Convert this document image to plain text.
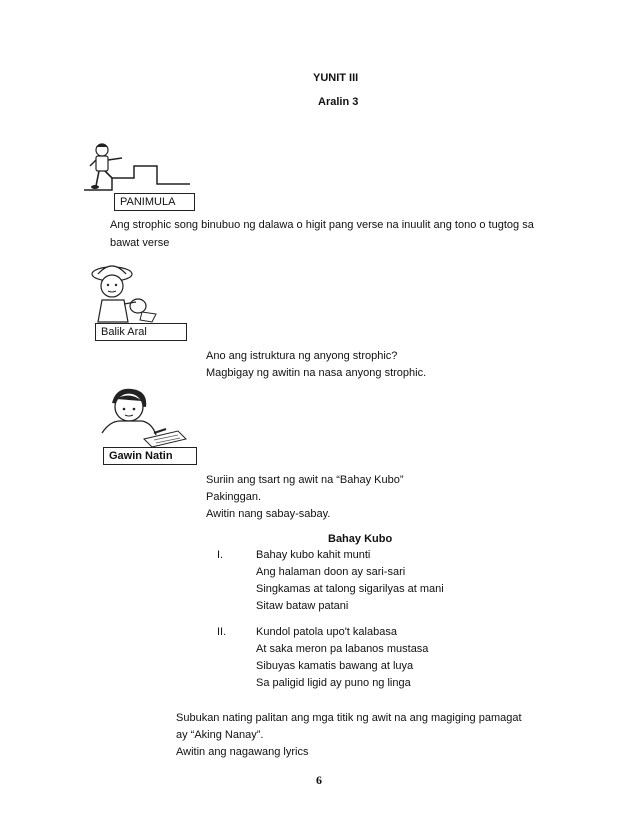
YUNIT III
Aralin 3
PANIMULA
Ang strophic song binubuo ng dalawa o higit pang verse na inuulit ang tono o tugtog sa
bawat verse
Balik Aral
Ano ang istruktura ng anyong strophic?
Magbigay ng awitin na nasa anyong strophic.
Gawin Natin
Suriin ang tsart ng awit na “Bahay Kubo”
Pakinggan.
Awitin nang sabay-sabay.
Bahay Kubo
I.	Bahay kubo kahit munti
Ang halaman doon ay sari-sari
Singkamas at talong sigarilyas at mani
Sitaw bataw patani
II.	Kundol patola upo't kalabasa
At saka meron pa labanos mustasa
Sibuyas kamatis bawang at luya
Sa paligid ligid ay puno ng linga
Subukan nating palitan ang mga titik ng awit na ang magiging pamagat
ay “Aking Nanay”.
Awitin ang nagawang lyrics
6
